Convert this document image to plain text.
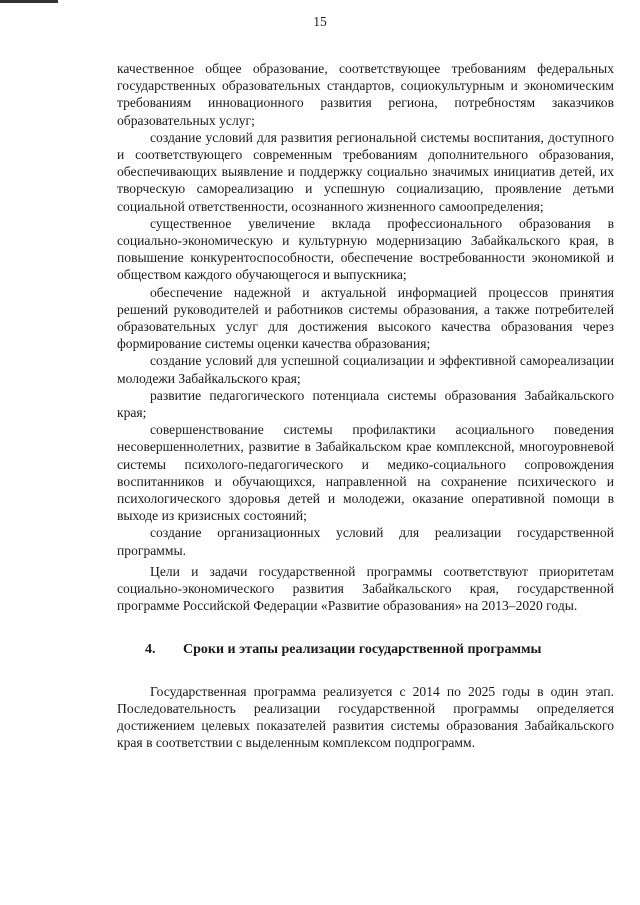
15

качественное общее образование, соответствующее требованиям федеральных государственных образовательных стандартов, социокультурным и экономическим требованиям инновационного развития региона, потребностям заказчиков образовательных услуг;

создание условий для развития региональной системы воспитания, доступного и соответствующего современным требованиям дополнительного образования, обеспечивающих выявление и поддержку социально значимых инициатив детей, их творческую самореализацию и успешную социализацию, проявление детьми социальной ответственности, осознанного жизненного самоопределения;

существенное увеличение вклада профессионального образования в социально-экономическую и культурную модернизацию Забайкальского края, в повышение конкурентоспособности, обеспечение востребованности экономикой и обществом каждого обучающегося и выпускника;

обеспечение надежной и актуальной информацией процессов принятия решений руководителей и работников системы образования, а также потребителей образовательных услуг для достижения высокого качества образования через формирование системы оценки качества образования;

создание условий для успешной социализации и эффективной самореализации молодежи Забайкальского края;

развитие педагогического потенциала системы образования Забайкальского края;

совершенствование системы профилактики асоциального поведения несовершеннолетних, развитие в Забайкальском крае комплексной, многоуровневой системы психолого-педагогического и медико-социального сопровождения воспитанников и обучающихся, направленной на сохранение психического и психологического здоровья детей и молодежи, оказание оперативной помощи в выходе из кризисных состояний;

создание организационных условий для реализации государственной программы.

Цели и задачи государственной программы соответствуют приоритетам социально-экономического развития Забайкальского края, государственной программе Российской Федерации «Развитие образования» на 2013–2020 годы.

4. Сроки и этапы реализации государственной программы

Государственная программа реализуется с 2014 по 2025 годы в один этап. Последовательность реализации государственной программы определяется достижением целевых показателей развития системы образования Забайкальского края в соответствии с выделенным комплексом подпрограмм.
